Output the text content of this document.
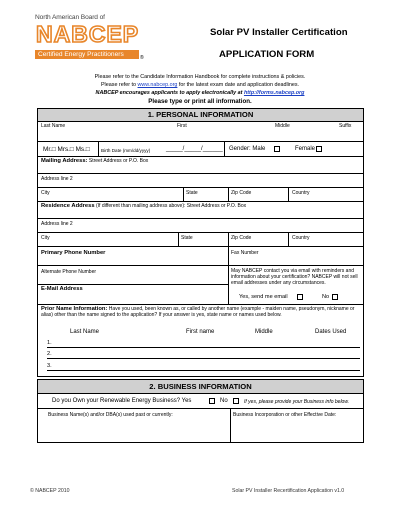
North American Board of
NABCEP
Certified Energy Practitioners	®
Solar PV Installer Certification
APPLICATION FORM
Please refer to the Candidate Information Handbook for complete instructions & policies.
Please refer to www.nabcep.org for the latest exam date and application deadlines.
NABCEP encourages applicants to apply electronically at http://forms.nabcep.org
Please type or print all information.
1. PERSONAL INFORMATION
Last Name	First	Middle	Suffix
Mr.□ Mrs.□ Ms.□ Birth Date (mm/dd/yyyy)	_____/_____/______ Gender: Male	Female
Mailing Address: Street Address or P.O. Box
Address line 2
City	State	Zip Code	Country
Residence Address (If different than mailing address above): Street Address or P.O. Box
Address line 2
City	State	Zip Code	Country
Primary Phone Number	Fax Number
Alternate Phone Number
E-Mail Address
May NABCEP contact you via email with reminders and information about your certification? NABCEP will not sell email addresses under any circumstances.
Yes, send me email	No
Prior Name Information: Have you used, been known as, or called by another name (example - maiden name, pseudonym, nickname or alias) other than the name signed to the application? If your answer is yes, state name or names used below.
Last Name	First name	Middle	Dates Used
1.
2.
3.
2. BUSINESS INFORMATION
Do you Own your Renewable Energy Business? Yes	No	If yes, please provide your Business info below.
Business Name(s) and/or DBA(s) used past or currently:	Business Incorporation or other Effective Date:
© NABCEP 2010	Solar PV Installer Recertification Application v1.0
